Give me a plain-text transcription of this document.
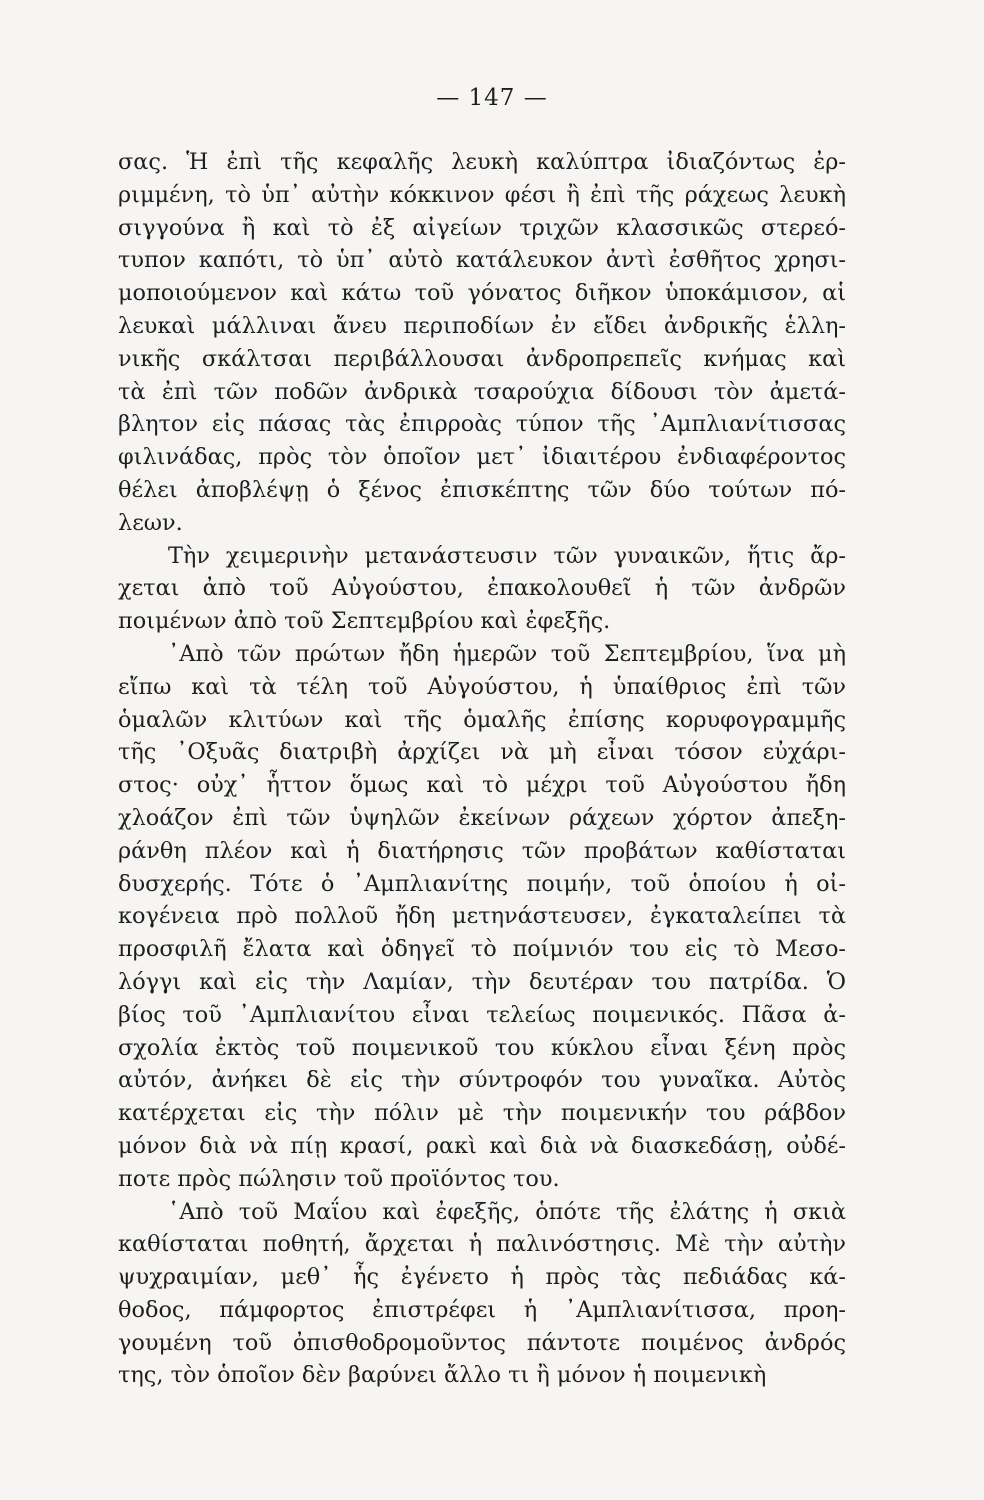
— 147 —
σας. Ἡ ἐπὶ τῆς κεφαλῆς λευκὴ καλύπτρα ἰδιαζόντως ἐρ-
ριμμένη, τὸ ὑπ᾽ αὐτὴν κόκκινον φέσι ἢ ἐπὶ τῆς ράχεως λευκὴ
σιγγούνα ἢ καὶ τὸ ἐξ αἰγείων τριχῶν κλασσικῶς στερεό-
τυπον καπότι, τὸ ὑπ᾽ αὐτὸ κατάλευκον ἀντὶ ἐσθῆτος χρησι-
μοποιούμενον καὶ κάτω τοῦ γόνατος διῆκον ὑποκάμισον, αἱ
λευκαὶ μάλλιναι ἄνευ περιποδίων ἐν εἴδει ἀνδρικῆς ἑλλη-
νικῆς σκάλτσαι περιβάλλουσαι ἀνδροπρεπεῖς κνήμας καὶ
τὰ ἐπὶ τῶν ποδῶν ἀνδρικὰ τσαρούχια δίδουσι τὸν ἀμετά-
βλητον εἰς πάσας τὰς ἐπιρροὰς τύπον τῆς ᾿Αμπλιανίτισσας
φιλινάδας, πρὸς τὸν ὁποῖον μετ᾽ ἰδιαιτέρου ἐνδιαφέροντος
θέλει ἀποβλέψῃ ὁ ξένος ἐπισκέπτης τῶν δύο τούτων πό-
λεων.
Τὴν χειμερινὴν μετανάστευσιν τῶν γυναικῶν, ἥτις ἄρ-
χεται ἀπὸ τοῦ Αὐγούστου, ἐπακολουθεῖ ἡ τῶν ἀνδρῶν
ποιμένων ἀπὸ τοῦ Σεπτεμβρίου καὶ ἐφεξῆς.
᾿Απὸ τῶν πρώτων ἤδη ἡμερῶν τοῦ Σεπτεμβρίου, ἵνα μὴ
εἴπω καὶ τὰ τέλη τοῦ Αὐγούστου, ἡ ὑπαίθριος ἐπὶ τῶν
ὁμαλῶν κλιτύων καὶ τῆς ὁμαλῆς ἐπίσης κορυφογραμμῆς
τῆς ᾿Οξυᾶς διατριβὴ ἀρχίζει νὰ μὴ εἶναι τόσον εὐχάρι-
στος· οὐχ᾽ ἧττον ὅμως καὶ τὸ μέχρι τοῦ Αὐγούστου ἤδη
χλοάζον ἐπὶ τῶν ὑψηλῶν ἐκείνων ράχεων χόρτον ἀπεξη-
ράνθη πλέον καὶ ἡ διατήρησις τῶν προβάτων καθίσταται
δυσχερής. Τότε ὁ ᾿Αμπλιανίτης ποιμήν, τοῦ ὁποίου ἡ οἰ-
κογένεια πρὸ πολλοῦ ἤδη μετηνάστευσεν, ἐγκαταλείπει τὰ
προσφιλῆ ἔλατα καὶ ὁδηγεῖ τὸ ποίμνιόν του εἰς τὸ Μεσο-
λόγγι καὶ εἰς τὴν Λαμίαν, τὴν δευτέραν του πατρίδα. Ὁ
βίος τοῦ ᾿Αμπλιανίτου εἶναι τελείως ποιμενικός. Πᾶσα ἀ-
σχολία ἐκτὸς τοῦ ποιμενικοῦ του κύκλου εἶναι ξένη πρὸς
αὐτόν, ἀνήκει δὲ εἰς τὴν σύντροφόν του γυναῖκα. Αὐτὸς
κατέρχεται εἰς τὴν πόλιν μὲ τὴν ποιμενικήν του ράβδον
μόνον διὰ νὰ πίῃ κρασί, ρακὶ καὶ διὰ νὰ διασκεδάσῃ, οὐδέ-
ποτε πρὸς πώλησιν τοῦ προϊόντος του.
῾Απὸ τοῦ Μαΐου καὶ ἐφεξῆς, ὁπότε τῆς ἐλάτης ἡ σκιὰ
καθίσταται ποθητή, ἄρχεται ἡ παλινόστησις. Μὲ τὴν αὐτὴν
ψυχραιμίαν, μεθ᾽ ἧς ἐγένετο ἡ πρὸς τὰς πεδιάδας κά-
θοδος, πάμφορτος ἐπιστρέφει ἡ ᾿Αμπλιανίτισσα, προη-
γουμένη τοῦ ὀπισθοδρομοῦντος πάντοτε ποιμένος ἀνδρός
της, τὸν ὁποῖον δὲν βαρύνει ἄλλο τι ἢ μόνον ἡ ποιμενικὴ
